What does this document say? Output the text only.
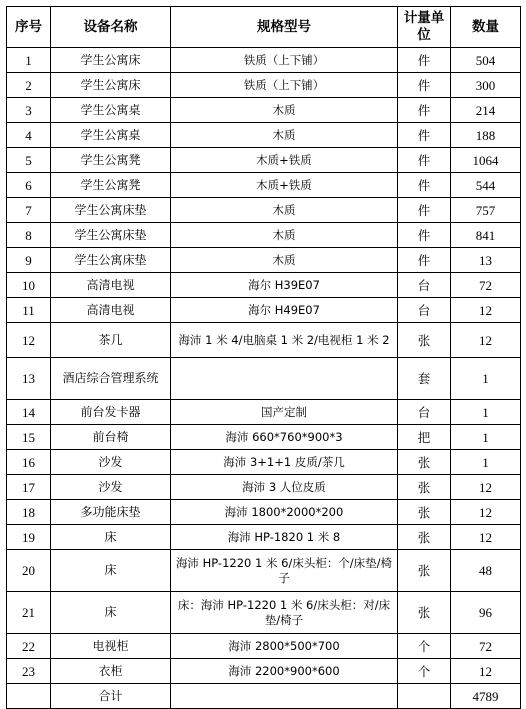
序号	设备名称	规格型号	计量单位	数量
1	学生公寓床	铁质（上下铺）	件	504
2	学生公寓床	铁质（上下铺）	件	300
3	学生公寓桌	木质	件	214
4	学生公寓桌	木质	件	188
5	学生公寓凳	木质+铁质	件	1064
6	学生公寓凳	木质+铁质	件	544
7	学生公寓床垫	木质	件	757
8	学生公寓床垫	木质	件	841
9	学生公寓床垫	木质	件	13
10	高清电视	海尔 H39E07	台	72
11	高清电视	海尔 H49E07	台	12
12	茶几	海沛 1 米 4/电脑桌 1 米 2/电视柜 1 米 2	张	12
13	酒店综合管理系统		套	1
14	前台发卡器	国产定制	台	1
15	前台椅	海沛 660*760*900*3	把	1
16	沙发	海沛 3+1+1 皮质/茶几	张	1
17	沙发	海沛 3 人位皮质	张	12
18	多功能床垫	海沛 1800*2000*200	张	12
19	床	海沛 HP-1820 1 米 8	张	12
20	床	海沛 HP-1220 1 米 6/床头柜：个/床垫/椅子	张	48
21	床	床：海沛 HP-1220 1 米 6/床头柜：对/床垫/椅子	张	96
22	电视柜	海沛 2800*500*700	个	72
23	衣柜	海沛 2200*900*600	个	12
	合计			4789
